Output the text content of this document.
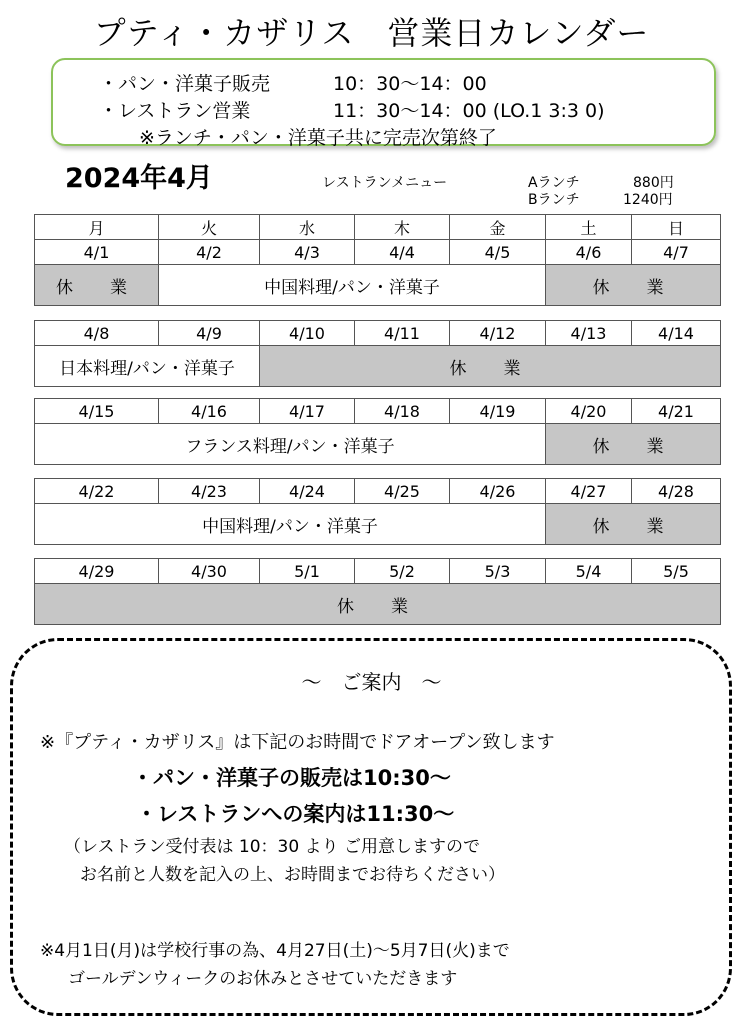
プティ・カザリス　営業日カレンダー
・パン・洋菓子販売	10：30～14：00
・レストラン営業	11：30～14：00 (LO.1 3:3 0)
※ランチ・パン・洋菓子共に完売次第終了
2024年4月	レストランメニュー	Aランチ	880円
Bランチ	1240円
月	火	水	木	金	土	日
4/1	4/2	4/3	4/4	4/5	4/6	4/7
休　業	中国料理/パン・洋菓子				休　業	
4/8	4/9	4/10	4/11	4/12	4/13	4/14
日本料理/パン・洋菓子		休　業				
4/15	4/16	4/17	4/18	4/19	4/20	4/21
フランス料理/パン・洋菓子					休　業	
4/22	4/23	4/24	4/25	4/26	4/27	4/28
中国料理/パン・洋菓子					休　業	
4/29	4/30	5/1	5/2	5/3	5/4	5/5
休　業
～　ご案内　～
※『プティ・カザリス』は下記のお時間でドアオープン致します
・パン・洋菓子の販売は10:30～
・レストランへの案内は11:30～
（レストラン受付表は 10：30 より ご用意しますので
お名前と人数を記入の上、お時間までお待ちください）
※4月1日(月)は学校行事の為、4月27日(土)～5月7日(火)まで
ゴールデンウィークのお休みとさせていただきます
